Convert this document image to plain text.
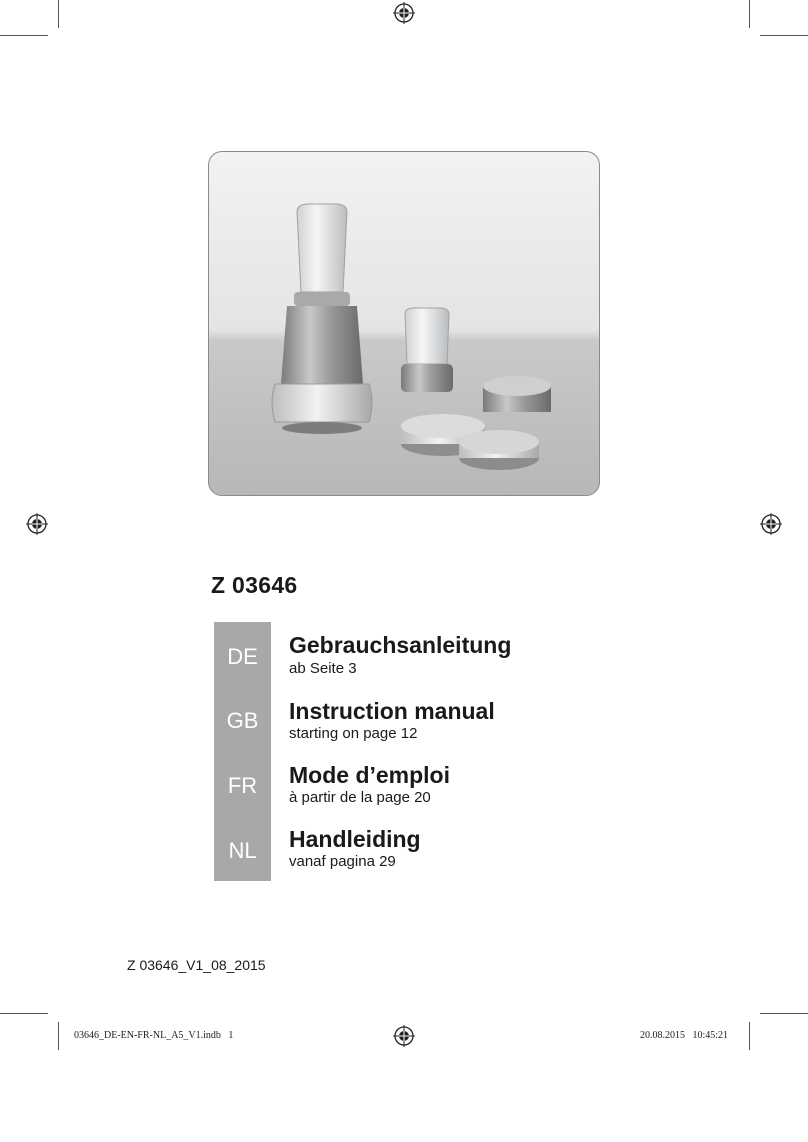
Z 03646
DE	Gebrauchsanleitung
ab Seite 3
GB	Instruction manual
starting on page 12
FR	Mode d’emploi
à partir de la page 20
NL	Handleiding
vanaf pagina 29
Z 03646_V1_08_2015
03646_DE-EN-FR-NL_A5_V1.indb   1	20.08.2015   10:45:21
